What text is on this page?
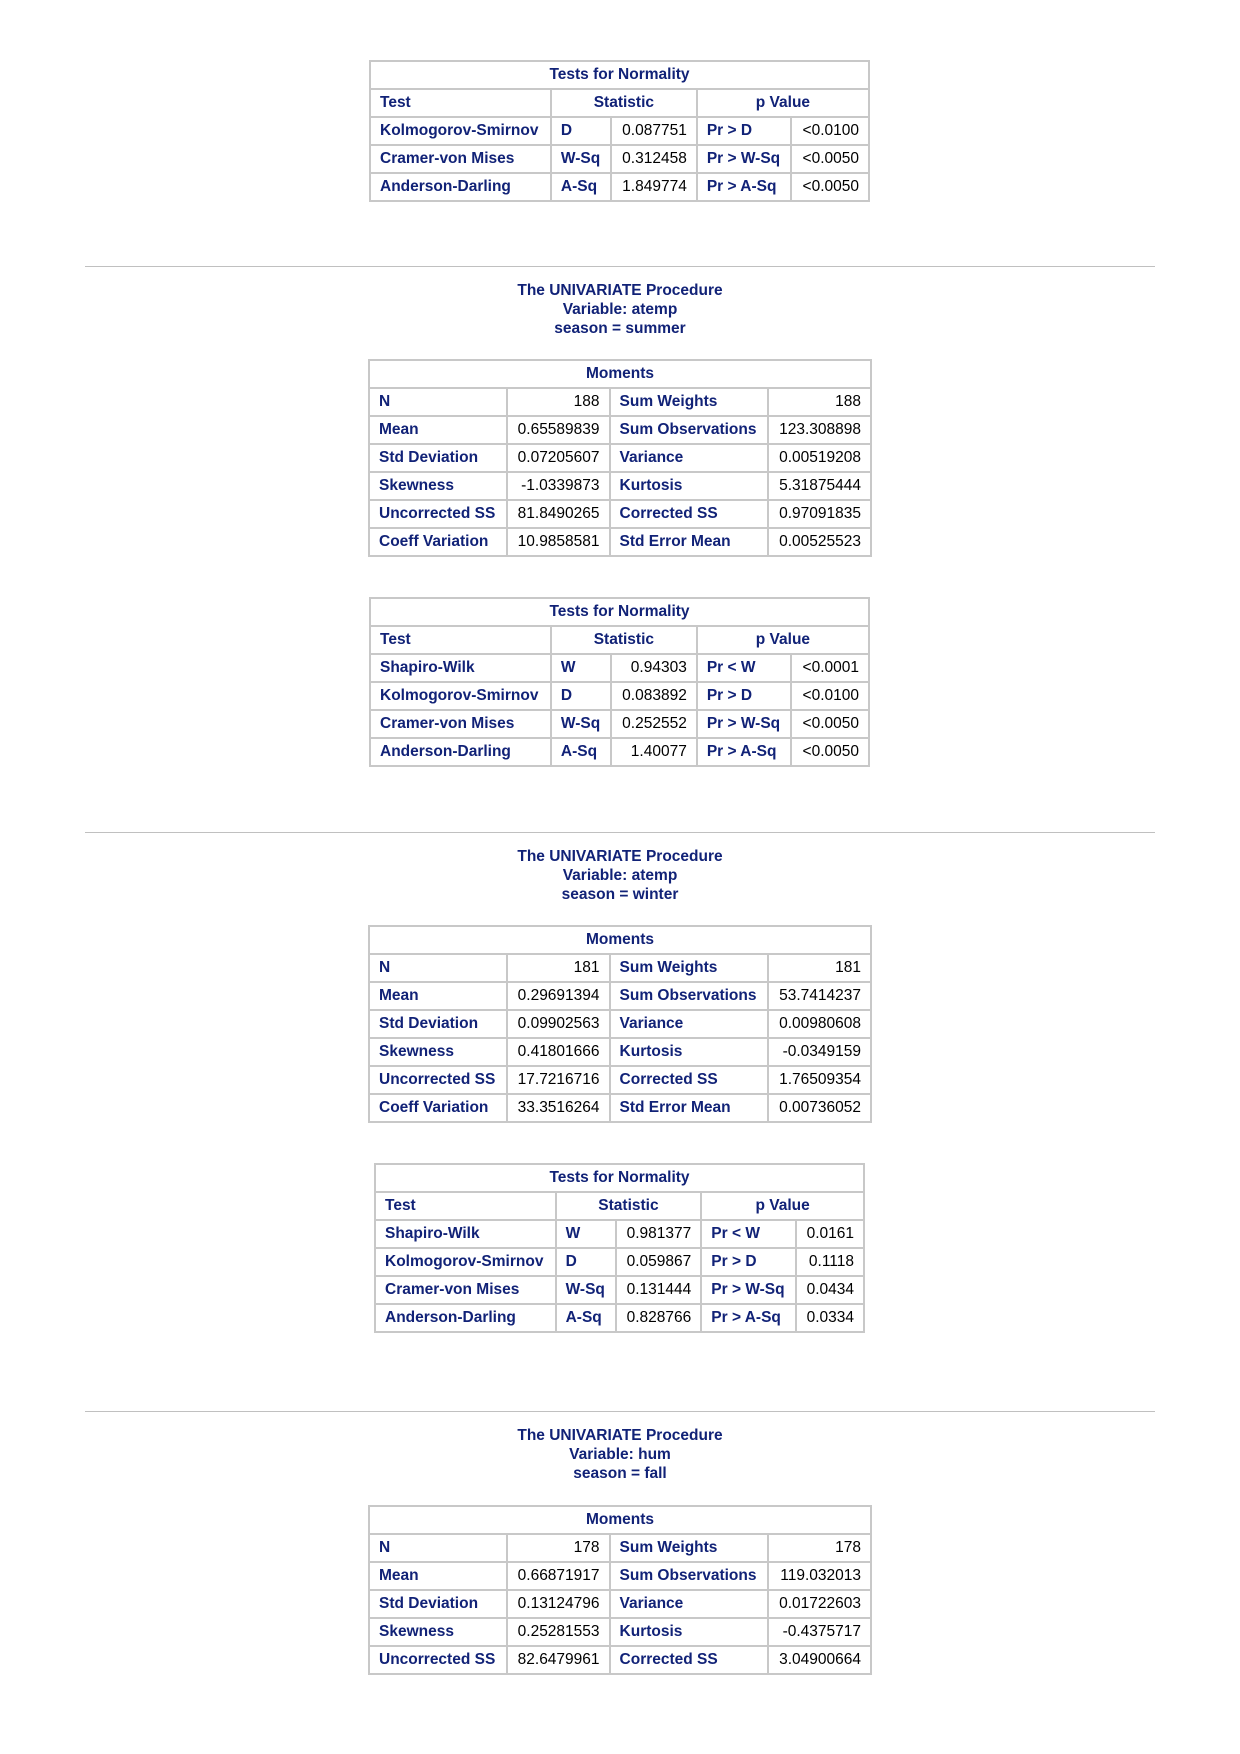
Tests for Normality				
Test	Statistic		p Value	
Kolmogorov-Smirnov	D	0.087751	Pr > D	<0.0100
Cramer-von Mises	W-Sq	0.312458	Pr > W-Sq	<0.0050
Anderson-Darling	A-Sq	1.849774	Pr > A-Sq	<0.0050
The UNIVARIATE Procedure
Variable: atemp
season = summer
Moments			
N	188	Sum Weights	188
Mean	0.65589839	Sum Observations	123.308898
Std Deviation	0.07205607	Variance	0.00519208
Skewness	-1.0339873	Kurtosis	5.31875444
Uncorrected SS	81.8490265	Corrected SS	0.97091835
Coeff Variation	10.9858581	Std Error Mean	0.00525523
Tests for Normality				
Test	Statistic		p Value	
Shapiro-Wilk	W	0.94303	Pr < W	<0.0001
Kolmogorov-Smirnov	D	0.083892	Pr > D	<0.0100
Cramer-von Mises	W-Sq	0.252552	Pr > W-Sq	<0.0050
Anderson-Darling	A-Sq	1.40077	Pr > A-Sq	<0.0050
The UNIVARIATE Procedure
Variable: atemp
season = winter
Moments			
N	181	Sum Weights	181
Mean	0.29691394	Sum Observations	53.7414237
Std Deviation	0.09902563	Variance	0.00980608
Skewness	0.41801666	Kurtosis	-0.0349159
Uncorrected SS	17.7216716	Corrected SS	1.76509354
Coeff Variation	33.3516264	Std Error Mean	0.00736052
Tests for Normality				
Test	Statistic		p Value	
Shapiro-Wilk	W	0.981377	Pr < W	0.0161
Kolmogorov-Smirnov	D	0.059867	Pr > D	0.1118
Cramer-von Mises	W-Sq	0.131444	Pr > W-Sq	0.0434
Anderson-Darling	A-Sq	0.828766	Pr > A-Sq	0.0334
The UNIVARIATE Procedure
Variable: hum
season = fall
Moments			
N	178	Sum Weights	178
Mean	0.66871917	Sum Observations	119.032013
Std Deviation	0.13124796	Variance	0.01722603
Skewness	0.25281553	Kurtosis	-0.4375717
Uncorrected SS	82.6479961	Corrected SS	3.04900664
